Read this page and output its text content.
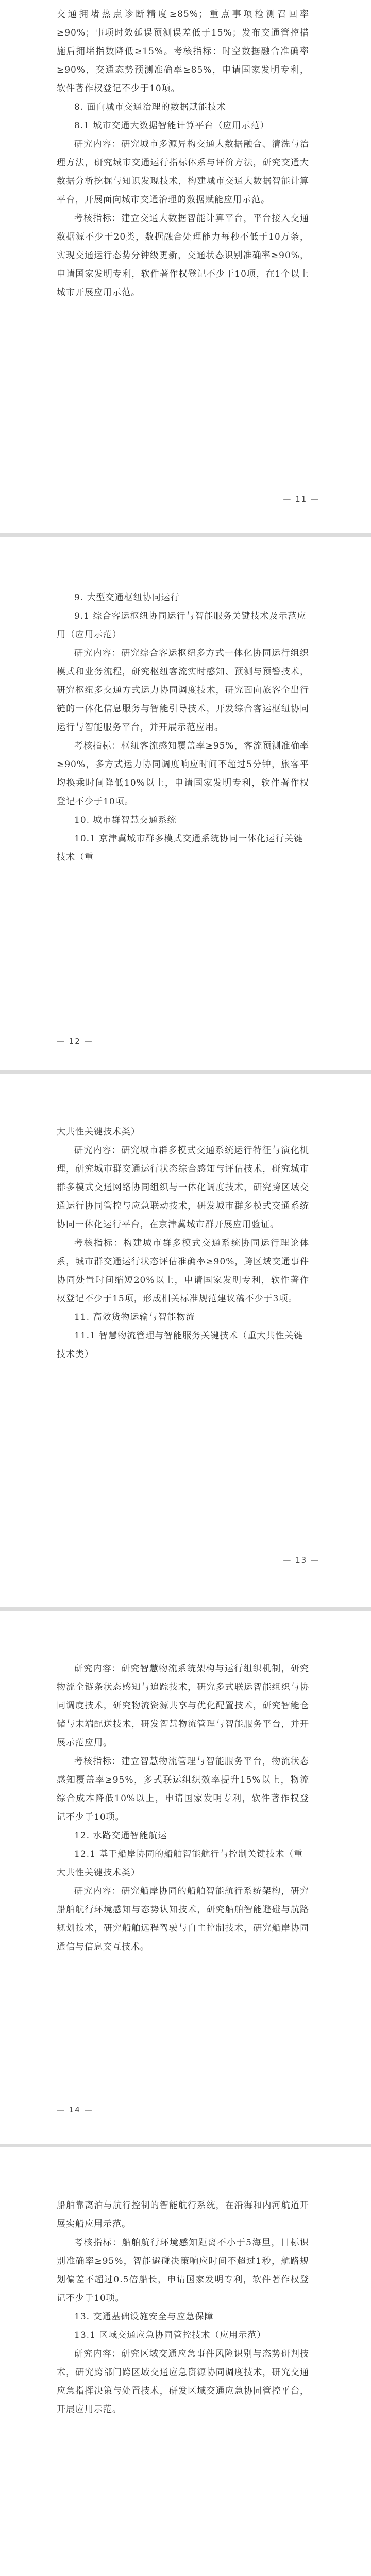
交通拥堵热点诊断精度≥85%；重点事项检测召回率≥90%；事项时效延误预测误差低于15%；发布交通管控措施后拥堵指数降低≥15%。考核指标：时空数据融合准确率≥90%，交通态势预测准确率≥85%，申请国家发明专利，软件著作权登记不少于10项。

8. 面向城市交通治理的数据赋能技术

8.1 城市交通大数据智能计算平台（应用示范）

研究内容：研究城市多源异构交通大数据融合、清洗与治理方法，研究城市交通运行指标体系与评价方法，研究交通大数据分析挖掘与知识发现技术，构建城市交通大数据智能计算平台，开展面向城市交通治理的数据赋能应用示范。

考核指标：建立交通大数据智能计算平台，平台接入交通数据源不少于20类，数据融合处理能力每秒不低于10万条，实现交通运行态势分钟级更新，交通状态识别准确率≥90%，申请国家发明专利，软件著作权登记不少于10项，在1个以上城市开展应用示范。

— 11 —

9. 大型交通枢纽协同运行

9.1 综合客运枢纽协同运行与智能服务关键技术及示范应用（应用示范）

研究内容：研究综合客运枢纽多方式一体化协同运行组织模式和业务流程，研究枢纽客流实时感知、预测与预警技术，研究枢纽多交通方式运力协同调度技术，研究面向旅客全出行链的一体化信息服务与智能引导技术，开发综合客运枢纽协同运行与智能服务平台，并开展示范应用。

考核指标：枢纽客流感知覆盖率≥95%，客流预测准确率≥90%，多方式运力协同调度响应时间不超过5分钟，旅客平均换乘时间降低10%以上，申请国家发明专利，软件著作权登记不少于10项。

10. 城市群智慧交通系统

10.1 京津冀城市群多模式交通系统协同一体化运行关键技术（重

— 12 —

大共性关键技术类）

研究内容：研究城市群多模式交通系统运行特征与演化机理，研究城市群交通运行状态综合感知与评估技术，研究城市群多模式交通网络协同组织与一体化调度技术，研究跨区域交通运行协同管控与应急联动技术，研发城市群多模式交通系统协同一体化运行平台，在京津冀城市群开展应用验证。

考核指标：构建城市群多模式交通系统协同运行理论体系，城市群交通运行状态评估准确率≥90%，跨区域交通事件协同处置时间缩短20%以上，申请国家发明专利，软件著作权登记不少于15项，形成相关标准规范建议稿不少于3项。

11. 高效货物运输与智能物流

11.1 智慧物流管理与智能服务关键技术（重大共性关键技术类）

— 13 —

研究内容：研究智慧物流系统架构与运行组织机制，研究物流全链条状态感知与追踪技术，研究多式联运智能组织与协同调度技术，研究物流资源共享与优化配置技术，研究智能仓储与末端配送技术，研发智慧物流管理与智能服务平台，并开展示范应用。

考核指标：建立智慧物流管理与智能服务平台，物流状态感知覆盖率≥95%，多式联运组织效率提升15%以上，物流综合成本降低10%以上，申请国家发明专利，软件著作权登记不少于10项。

12. 水路交通智能航运

12.1 基于船岸协同的船舶智能航行与控制关键技术（重大共性关键技术类）

研究内容：研究船岸协同的船舶智能航行系统架构，研究船舶航行环境感知与态势认知技术，研究船舶智能避碰与航路规划技术，研究船舶远程驾驶与自主控制技术，研究船岸协同通信与信息交互技术。

— 14 —

船舶靠离泊与航行控制的智能航行系统，在沿海和内河航道开展实船应用示范。

考核指标：船舶航行环境感知距离不小于5海里，目标识别准确率≥95%，智能避碰决策响应时间不超过1秒，航路规划偏差不超过0.5倍船长，申请国家发明专利，软件著作权登记不少于10项。

13. 交通基础设施安全与应急保障

13.1 区域交通应急协同管控技术（应用示范）

研究内容：研究区域交通应急事件风险识别与态势研判技术，研究跨部门跨区域交通应急资源协同调度技术，研究交通应急指挥决策与处置技术，研发区域交通应急协同管控平台，开展应用示范。
